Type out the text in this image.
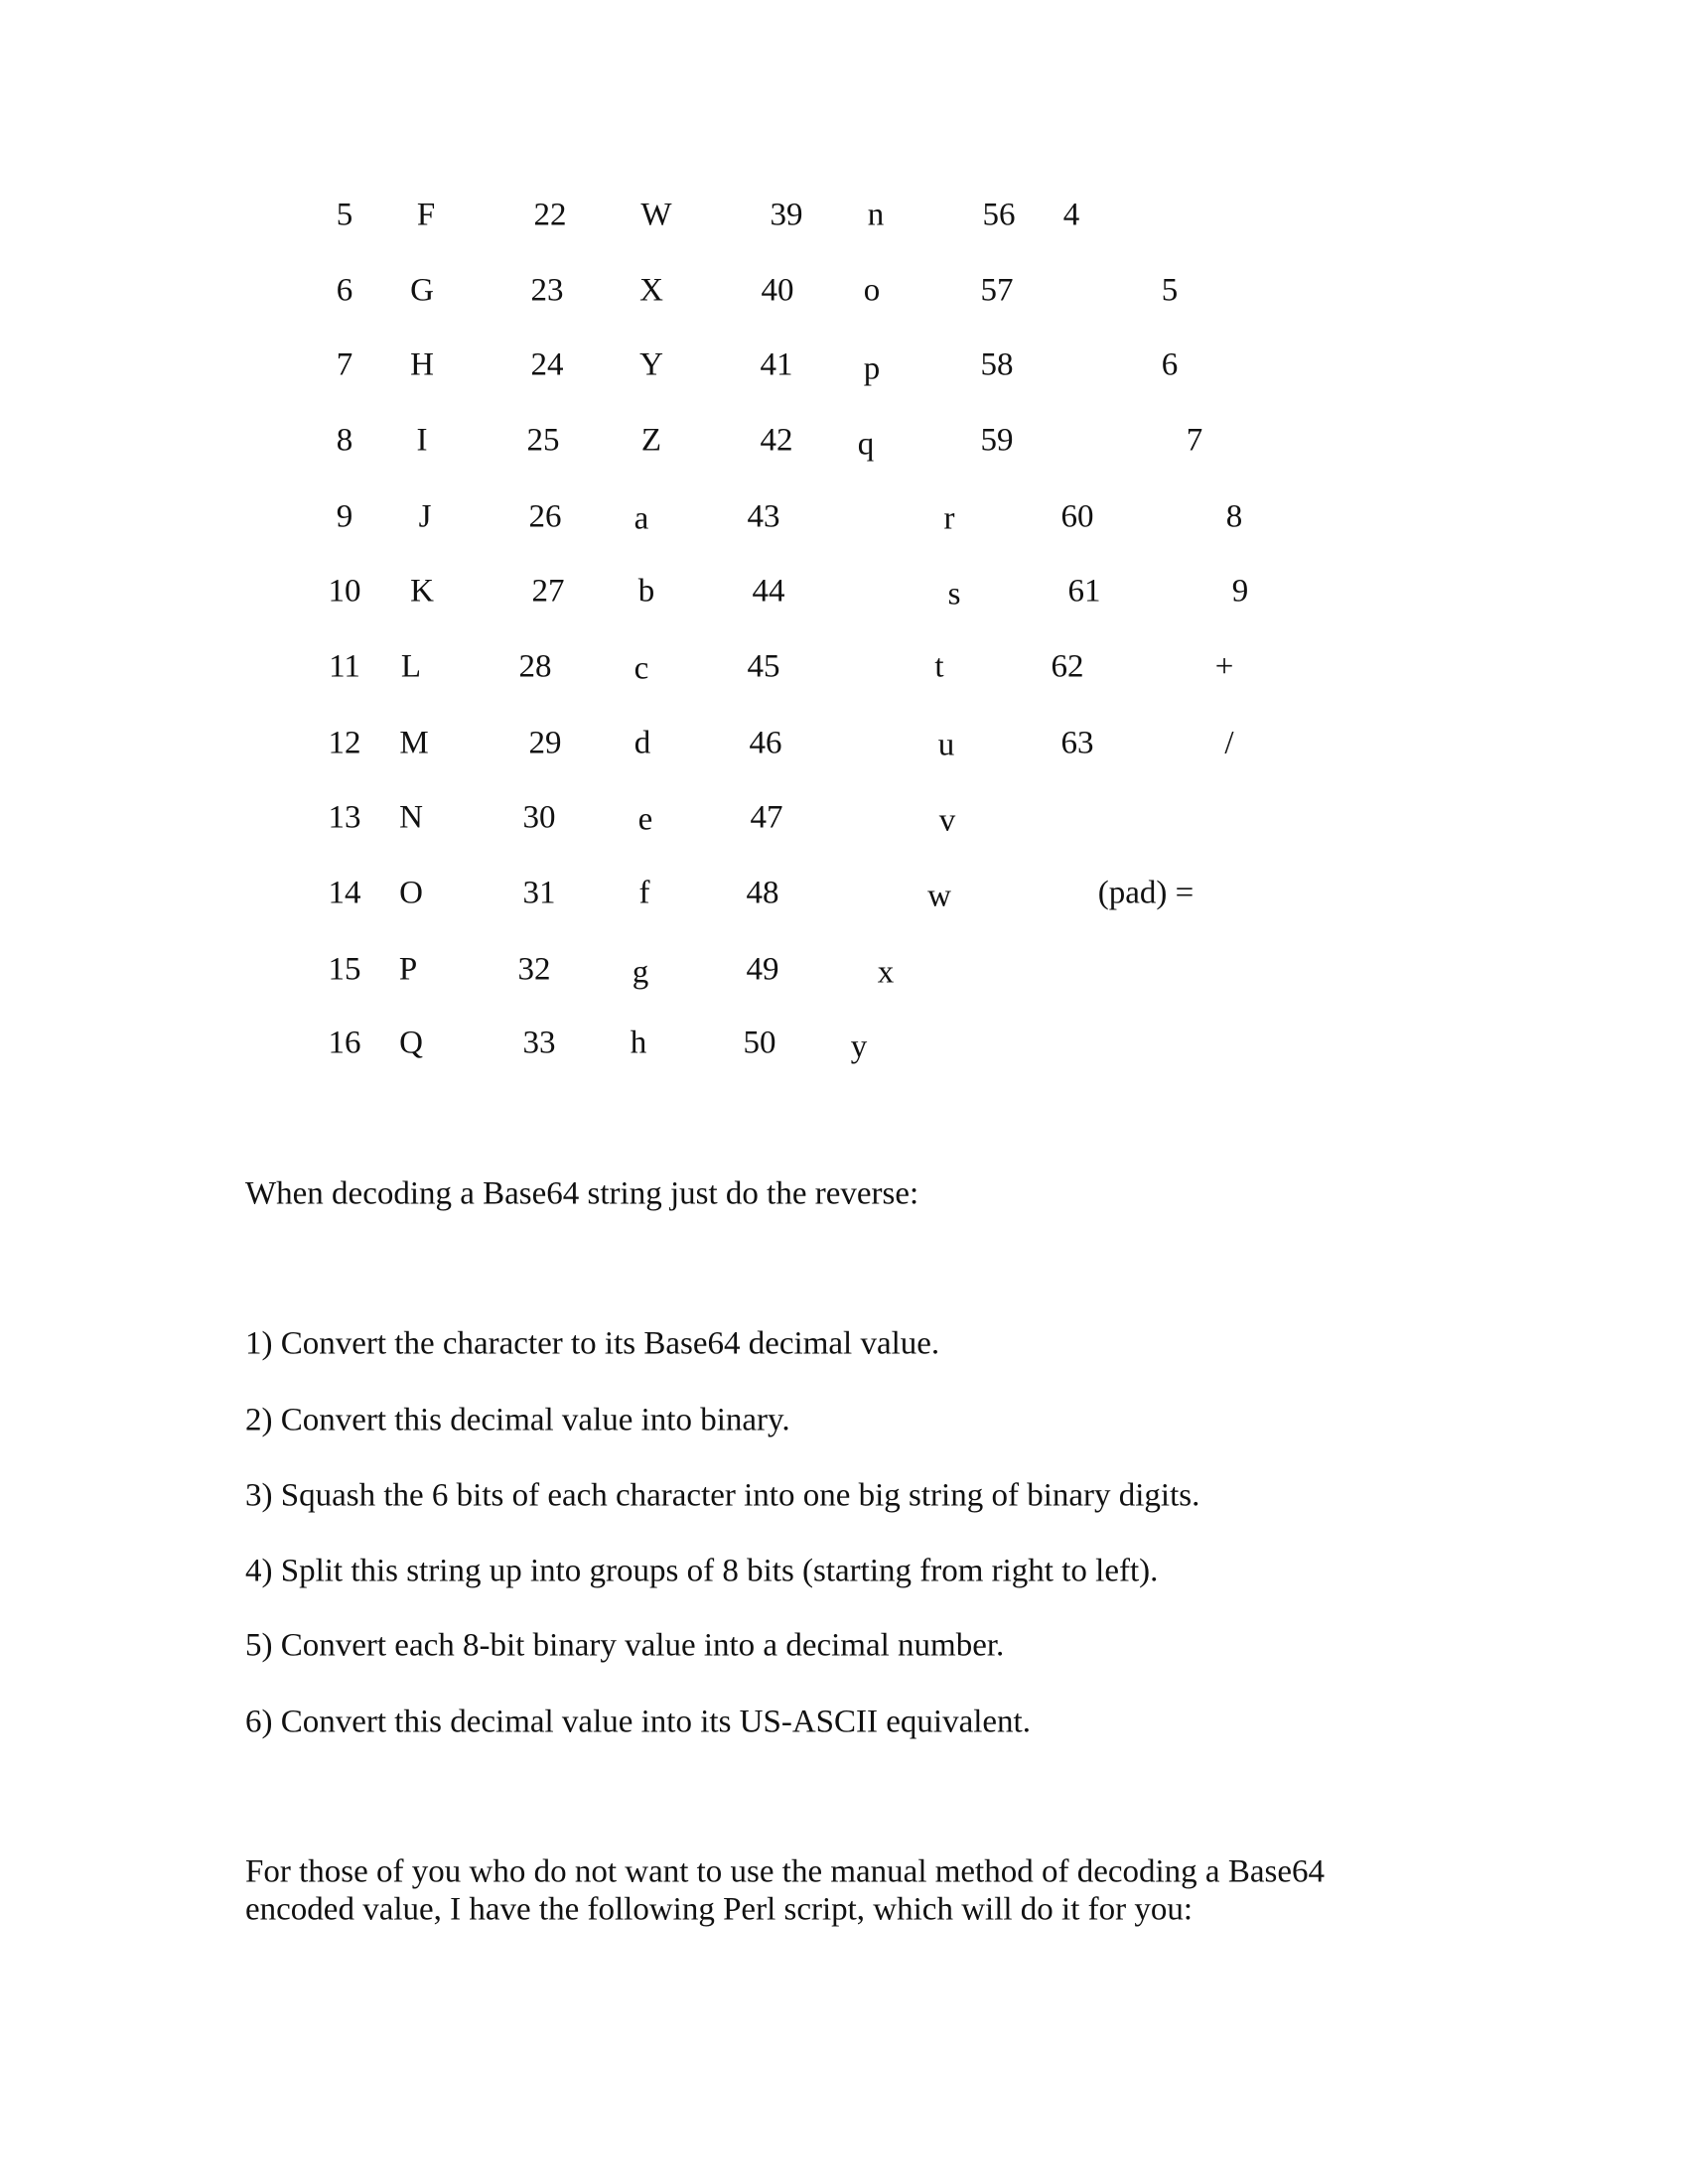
5 F	22 W	39 n	56 4
6 G	23 X	40 o	57	5
7 H	24 Y	41 p	58	6
8 I	25 Z	42 q	59	7
9 J	26 a	43	r	60	8
10 K	27 b	44	s	61	9
11 L	28	c	45	t	62	+
12 M	29 d	46	u	63	/
13 N	30	e	47	v
14 O	31	f	48	w	(pad) =
15 P	32 g	49	x
16 Q	33 h	50 y
When decoding a Base64 string just do the reverse:
1) Convert the character to its Base64 decimal value.
2) Convert this decimal value into binary.
3) Squash the 6 bits of each character into one big string of binary digits.
4) Split this string up into groups of 8 bits (starting from right to left).
5) Convert each 8-bit binary value into a decimal number.
6) Convert this decimal value into its US-ASCII equivalent.
For those of you who do not want to use the manual method of decoding a Base64
encoded value, I have the following Perl script, which will do it for you:
